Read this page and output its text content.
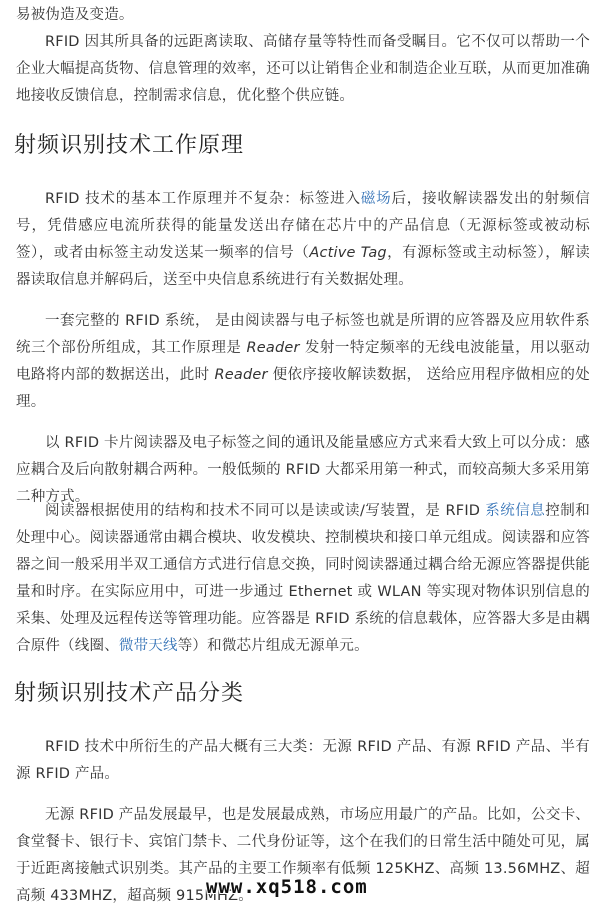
易被伪造及变造。

RFID 因其所具备的远距离读取、高储存量等特性而备受瞩目。它不仅可以帮助一个企业大幅提高货物、信息管理的效率，还可以让销售企业和制造企业互联，从而更加准确地接收反馈信息，控制需求信息，优化整个供应链。

射频识别技术工作原理

RFID 技术的基本工作原理并不复杂：标签进入磁场后，接收解读器发出的射频信号，凭借感应电流所获得的能量发送出存储在芯片中的产品信息（无源标签或被动标签），或者由标签主动发送某一频率的信号（Active Tag，有源标签或主动标签），解读器读取信息并解码后，送至中央信息系统进行有关数据处理。

一套完整的 RFID 系统， 是由阅读器与电子标签也就是所谓的应答器及应用软件系统三个部份所组成，其工作原理是 Reader 发射一特定频率的无线电波能量，用以驱动电路将内部的数据送出，此时 Reader 便依序接收解读数据， 送给应用程序做相应的处理。

以 RFID 卡片阅读器及电子标签之间的通讯及能量感应方式来看大致上可以分成：感应耦合及后向散射耦合两种。一般低频的 RFID 大都采用第一种式，而较高频大多采用第二种方式。

阅读器根据使用的结构和技术不同可以是读或读/写装置，是 RFID 系统信息控制和处理中心。阅读器通常由耦合模块、收发模块、控制模块和接口单元组成。阅读器和应答器之间一般采用半双工通信方式进行信息交换，同时阅读器通过耦合给无源应答器提供能量和时序。在实际应用中，可进一步通过 Ethernet 或 WLAN 等实现对物体识别信息的采集、处理及远程传送等管理功能。应答器是 RFID 系统的信息载体，应答器大多是由耦合原件（线圈、微带天线等）和微芯片组成无源单元。

射频识别技术产品分类

RFID 技术中所衍生的产品大概有三大类：无源 RFID 产品、有源 RFID 产品、半有源 RFID 产品。

无源 RFID 产品发展最早，也是发展最成熟，市场应用最广的产品。比如，公交卡、食堂餐卡、银行卡、宾馆门禁卡、二代身份证等，这个在我们的日常生活中随处可见，属于近距离接触式识别类。其产品的主要工作频率有低频 125KHZ、高频 13.56MHZ、超高频 433MHZ，超高频 915MHZ。

www.xq518.com
